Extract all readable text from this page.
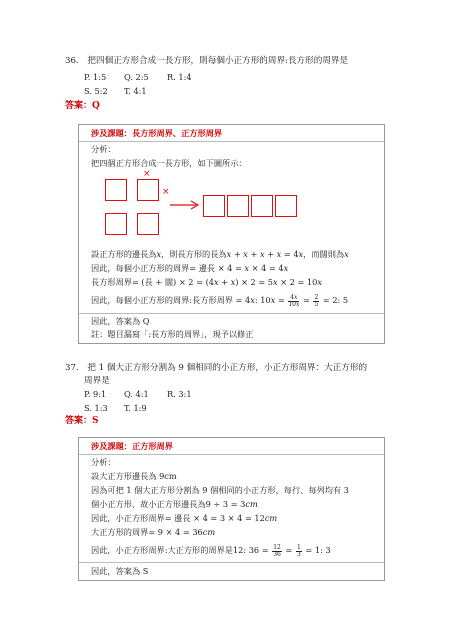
36. 把四個正方形合成一長方形，則每個小正方形的周界:長方形的周界是
P. 1:5 Q. 2:5 R. 1:4
S. 5:2 T. 4:1
答案：Q
涉及課題：長方形周界、正方形周界
分析：
把四個正方形合成一長方形，如下圖所示：
×
×
設正方形的邊長為𝑥，則長方形的長為𝑥 + 𝑥 + 𝑥 + 𝑥 = 4𝑥，而闊則為𝑥
因此，每個小正方形的周界= 邊長 × 4 = 𝑥 × 4 = 4𝑥
長方形周界= (長 + 闊) × 2 = (4𝑥 + 𝑥) × 2 = 5𝑥 × 2 = 10𝑥
因此，每個小正方形的周界:長方形周界 = 4𝑥: 10𝑥 = $\frac{\text{4𝑥}}{\text{10𝑥}} = \frac{2}{5} = 2$: 5
因此，答案為 Q
註：題目漏寫「:長方形的周界」，現予以修正
37. 把 1 個大正方形分割為 9 個相同的小正方形，小正方形周界：大正方形的
周界是
P. 9:1 Q. 4:1 R. 3:1
S. 1:3 T. 1:9
答案：S
涉及課題：正方形周界
分析：
設大正方形邊長為 9cm
因為可把 1 個大正方形分割為 9 個相同的小正方形，每行、每列均有 3
個小正方形，故小正方形邊長為9 ÷ 3 = 3𝑐𝑚
因此，小正方形周界= 邊長 × 4 = 3 × 4 = 12𝑐𝑚
大正方形的周界= 9 × 4 = 36𝑐𝑚
因此，小正方形周界:大正方形的周界是12: $36 = \frac{12}{36} = \frac{1}{3} = 1$: 3
因此，答案為 S
